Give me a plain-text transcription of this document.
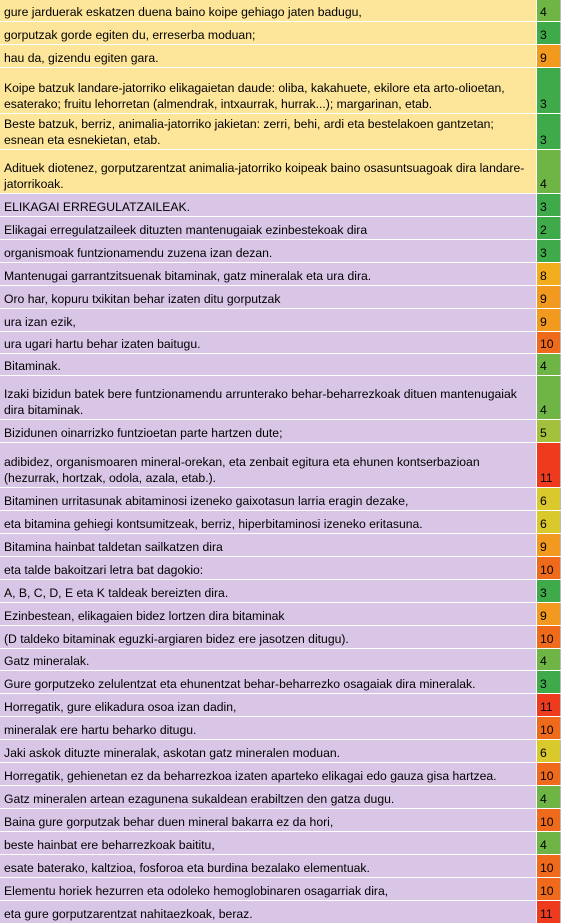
gure jarduerak eskatzen duena baino koipe gehiago jaten badugu,	4
gorputzak gorde egiten du, erreserba moduan;	3
hau da, gizendu egiten gara.	9
Koipe batzuk landare-jatorriko elikagaietan daude: oliba, kakahuete, ekilore eta arto-olioetan, esaterako; fruitu lehorretan (almendrak, intxaurrak, hurrak...); margarinan, etab.	3
Beste batzuk, berriz, animalia-jatorriko jakietan: zerri, behi, ardi eta bestelakoen gantzetan; esnean eta esnekietan, etab.	3
Adituek diotenez, gorputzarentzat animalia-jatorriko koipeak baino osasuntsuagoak dira landare-jatorrikoak.	4
ELIKAGAI ERREGULATZAILEAK.	3
Elikagai erregulatzaileek dituzten mantenugaiak ezinbestekoak dira	2
organismoak funtzionamendu zuzena izan dezan.	3
Mantenugai garrantzitsuenak bitaminak, gatz mineralak eta ura dira.	8
Oro har, kopuru txikitan behar izaten ditu gorputzak	9
ura izan ezik,	9
ura ugari hartu behar izaten baitugu.	10
Bitaminak.	4
Izaki bizidun batek bere funtzionamendu arrunterako behar-beharrezkoak dituen mantenugaiak dira bitaminak.	4
Bizidunen oinarrizko funtzioetan parte hartzen dute;	5
adibidez, organismoaren mineral-orekan, eta zenbait egitura eta ehunen kontserbazioan (hezurrak, hortzak, odola, azala, etab.).	11
Bitaminen urritasunak abitaminosi izeneko gaixotasun larria eragin dezake,	6
eta bitamina gehiegi kontsumitzeak, berriz, hiperbitaminosi izeneko eritasuna.	6
Bitamina hainbat taldetan sailkatzen dira	9
eta talde bakoitzari letra bat dagokio:	10
A, B, C, D, E eta K taldeak bereizten dira.	3
Ezinbestean, elikagaien bidez lortzen dira bitaminak	9
(D taldeko bitaminak eguzki-argiaren bidez ere jasotzen ditugu).	10
Gatz mineralak.	4
Gure gorputzeko zelulentzat eta ehunentzat behar-beharrezko osagaiak dira mineralak.	3
Horregatik, gure elikadura osoa izan dadin,	11
mineralak ere hartu beharko ditugu.	10
Jaki askok dituzte mineralak, askotan gatz mineralen moduan.	6
Horregatik, gehienetan ez da beharrezkoa izaten aparteko elikagai edo gauza gisa hartzea.	10
Gatz mineralen artean ezagunena sukaldean erabiltzen den gatza dugu.	4
Baina gure gorputzak behar duen mineral bakarra ez da hori,	10
beste hainbat ere beharrezkoak baititu,	4
esate baterako, kaltzioa, fosforoa eta burdina bezalako elementuak.	10
Elementu horiek hezurren eta odoleko hemoglobinaren osagarriak dira,	10
eta gure gorputzarentzat nahitaezkoak, beraz.	11
